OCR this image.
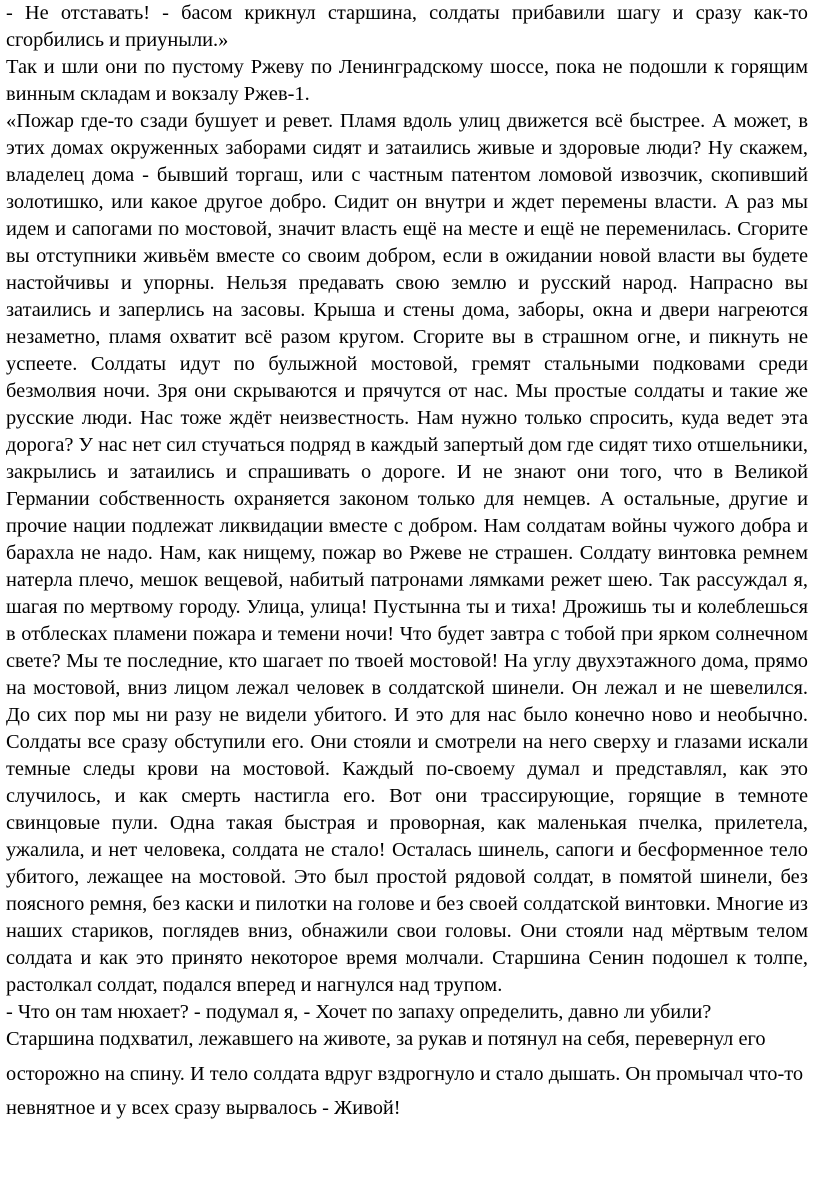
- Не отставать! - басом крикнул старшина, солдаты прибавили шагу и сразу как-то сгорбились и приуныли.»

Так и шли они по пустому Ржеву по Ленинградскому шоссе, пока не подошли к горящим винным складам и вокзалу Ржев-1.

«Пожар где-то сзади бушует и ревет. Пламя вдоль улиц движется всё быстрее. А может, в этих домах окруженных заборами сидят и затаились живые и здоровые люди? Ну скажем, владелец дома - бывший торгаш, или с частным патентом ломовой извозчик, скопивший золотишко, или какое другое добро. Сидит он внутри и ждет перемены власти. А раз мы идем и сапогами по мостовой, значит власть ещё на месте и ещё не переменилась. Сгорите вы отступники живьём вместе со своим добром, если в ожидании новой власти вы будете настойчивы и упорны. Нельзя предавать свою землю и русский народ. Напрасно вы затаились и заперлись на засовы. Крыша и стены дома, заборы, окна и двери нагреются незаметно, пламя охватит всё разом кругом. Сгорите вы в страшном огне, и пикнуть не успеете. Солдаты идут по булыжной мостовой, гремят стальными подковами среди безмолвия ночи. Зря они скрываются и прячутся от нас. Мы простые солдаты и такие же русские люди. Нас тоже ждёт неизвестность. Нам нужно только спросить, куда ведет эта дорога? У нас нет сил стучаться подряд в каждый запертый дом где сидят тихо отшельники, закрылись и затаились и спрашивать о дороге. И не знают они того, что в Великой Германии собственность охраняется законом только для немцев. А остальные, другие и прочие нации подлежат ликвидации вместе с добром. Нам солдатам войны чужого добра и барахла не надо. Нам, как нищему, пожар во Ржеве не страшен. Солдату винтовка ремнем натерла плечо, мешок вещевой, набитый патронами лямками режет шею. Так рассуждал я, шагая по мертвому городу. Улица, улица! Пустынна ты и тиха! Дрожишь ты и колеблешься в отблесках пламени пожара и темени ночи! Что будет завтра с тобой при ярком солнечном свете? Мы те последние, кто шагает по твоей мостовой! На углу двухэтажного дома, прямо на мостовой, вниз лицом лежал человек в солдатской шинели. Он лежал и не шевелился. До сих пор мы ни разу не видели убитого. И это для нас было конечно ново и необычно. Солдаты все сразу обступили его. Они стояли и смотрели на него сверху и глазами искали темные следы крови на мостовой. Каждый по-своему думал и представлял, как это случилось, и как смерть настигла его. Вот они трассирующие, горящие в темноте свинцовые пули. Одна такая быстрая и проворная, как маленькая пчелка, прилетела, ужалила, и нет человека, солдата не стало! Осталась шинель, сапоги и бесформенное тело убитого, лежащее на мостовой. Это был простой рядовой солдат, в помятой шинели, без поясного ремня, без каски и пилотки на голове и без своей солдатской винтовки. Многие из наших стариков, поглядев вниз, обнажили свои головы. Они стояли над мёртвым телом солдата и как это принято некоторое время молчали. Старшина Сенин подошел к толпе, растолкал солдат, подался вперед и нагнулся над трупом.

- Что он там нюхает? - подумал я, - Хочет по запаху определить, давно ли убили?

Старшина подхватил, лежавшего на животе, за рукав и потянул на себя, перевернул его осторожно на спину. И тело солдата вдруг вздрогнуло и стало дышать. Он промычал что-то невнятное и у всех сразу вырвалось - Живой!
